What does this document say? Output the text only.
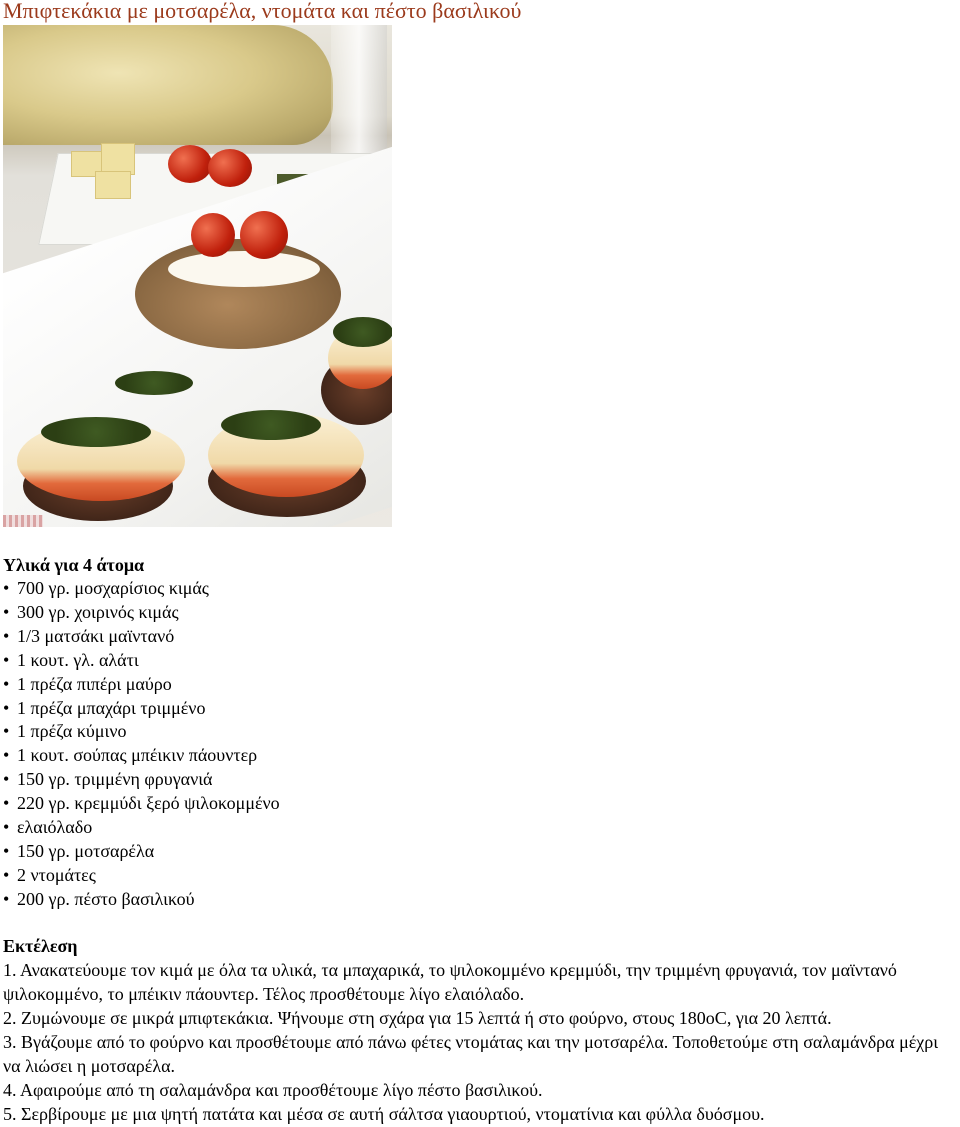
Μπιφτεκάκια με μοτσαρέλα, ντομάτα και πέστο βασιλικού
Υλικά για 4 άτομα
• 700 γρ. μοσχαρίσιος κιμάς
• 300 γρ. χοιρινός κιμάς
• 1/3 ματσάκι μαϊντανό
• 1 κουτ. γλ. αλάτι
• 1 πρέζα πιπέρι μαύρο
• 1 πρέζα μπαχάρι τριμμένο
• 1 πρέζα κύμινο
• 1 κουτ. σούπας μπέικιν πάουντερ
• 150 γρ. τριμμένη φρυγανιά
• 220 γρ. κρεμμύδι ξερό ψιλοκομμένο
• ελαιόλαδο
• 150 γρ. μοτσαρέλα
• 2 ντομάτες
• 200 γρ. πέστο βασιλικού
Εκτέλεση
1. Ανακατεύουμε τον κιμά με όλα τα υλικά, τα μπαχαρικά, το ψιλοκομμένο κρεμμύδι, την τριμμένη φρυγανιά, τον μαϊντανό ψιλοκομμένο, το μπέικιν πάουντερ. Τέλος προσθέτουμε λίγο ελαιόλαδο.
2. Ζυμώνουμε σε μικρά μπιφτεκάκια. Ψήνουμε στη σχάρα για 15 λεπτά ή στο φούρνο, στους 180oC, για 20 λεπτά.
3. Βγάζουμε από το φούρνο και προσθέτουμε από πάνω φέτες ντομάτας και την μοτσαρέλα. Τοποθετούμε στη σαλαμάνδρα μέχρι να λιώσει η μοτσαρέλα.
4. Αφαιρούμε από τη σαλαμάνδρα και προσθέτουμε λίγο πέστο βασιλικού.
5. Σερβίρουμε με μια ψητή πατάτα και μέσα σε αυτή σάλτσα γιαουρτιού, ντοματίνια και φύλλα δυόσμου.
